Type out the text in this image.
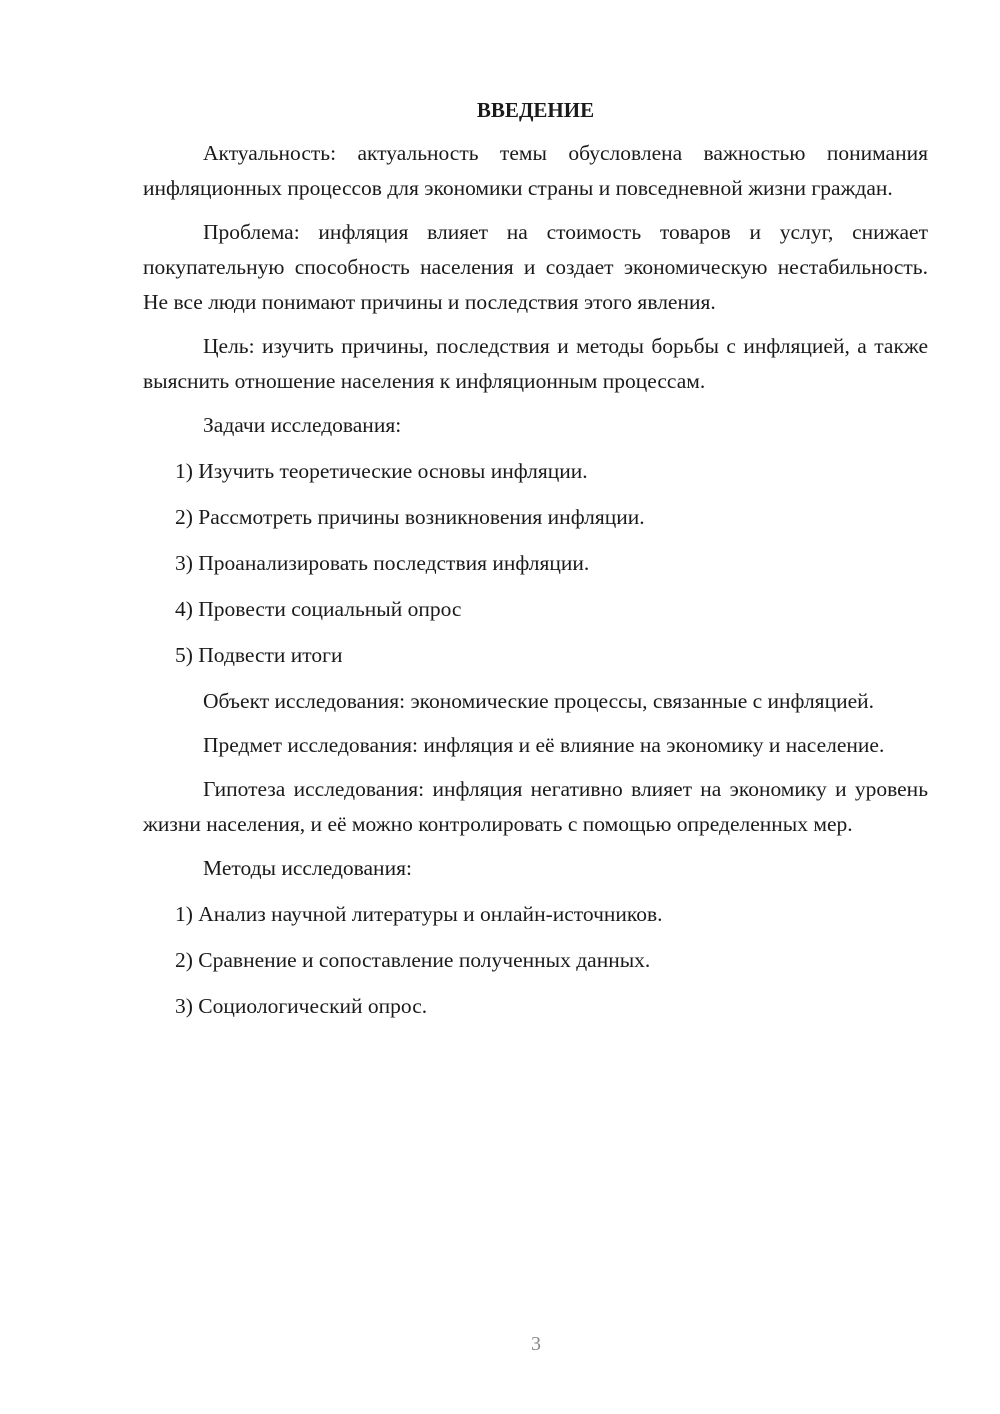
ВВЕДЕНИЕ

Актуальность: актуальность темы обусловлена важностью понимания инфляционных процессов для экономики страны и повседневной жизни граждан.

Проблема: инфляция влияет на стоимость товаров и услуг, снижает покупательную способность населения и создает экономическую нестабильность. Не все люди понимают причины и последствия этого явления.

Цель: изучить причины, последствия и методы борьбы с инфляцией, а также выяснить отношение населения к инфляционным процессам.

Задачи исследования:

1) Изучить теоретические основы инфляции.
2) Рассмотреть причины возникновения инфляции.
3) Проанализировать последствия инфляции.
4) Провести социальный опрос
5) Подвести итоги

Объект исследования: экономические процессы, связанные с инфляцией.

Предмет исследования: инфляция и её влияние на экономику и население.

Гипотеза исследования: инфляция негативно влияет на экономику и уровень жизни населения, и её можно контролировать с помощью определенных мер.

Методы исследования:

1) Анализ научной литературы и онлайн-источников.
2) Сравнение и сопоставление полученных данных.
3) Социологический опрос.
3
